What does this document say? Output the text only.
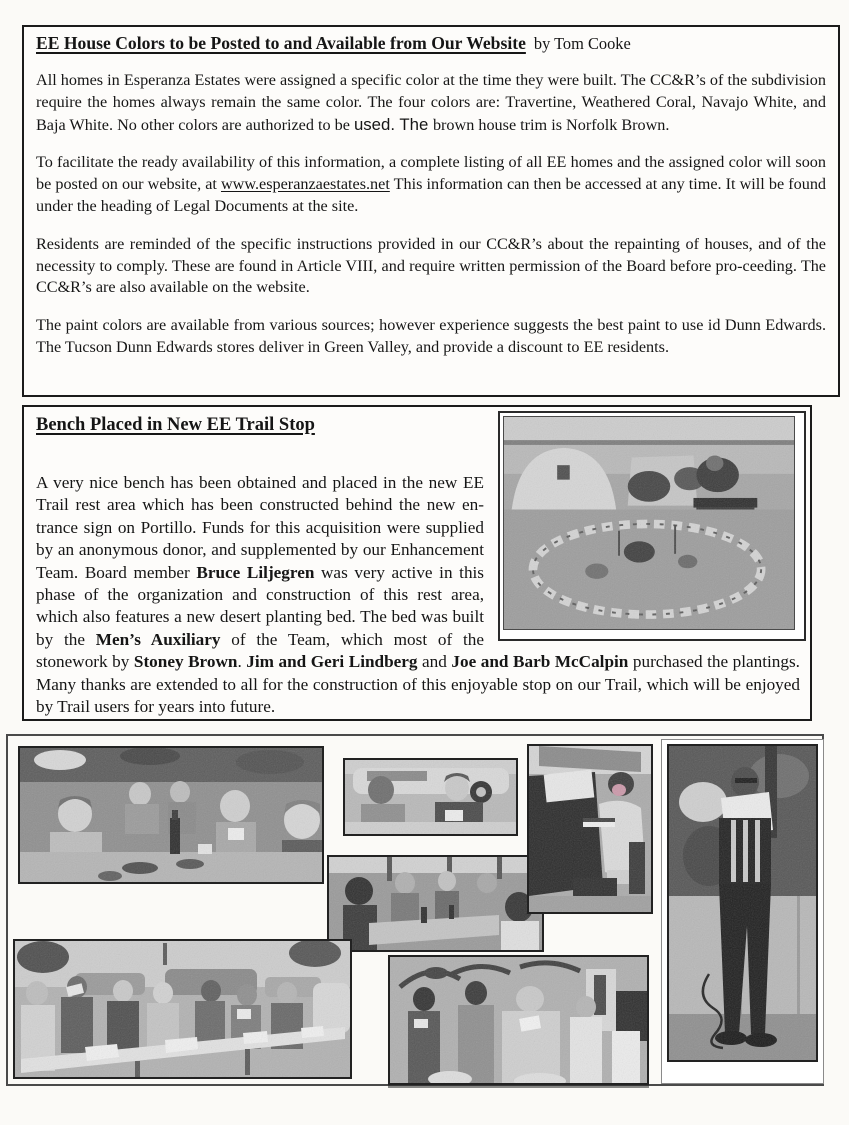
EE House Colors to be Posted to and Available from Our Website by Tom Cooke

All homes in Esperanza Estates were assigned a specific color at the time they were built. The CC&R’s of the subdivision require the homes always remain the same color. The four colors are: Travertine, Weathered Coral, Navajo White, and Baja White. No other colors are authorized to be used. The brown house trim is Norfolk Brown.

To facilitate the ready availability of this information, a complete listing of all EE homes and the assigned color will soon be posted on our website, at www.esperanzaestates.net This information can then be accessed at any time. It will be found under the heading of Legal Documents at the site.

Residents are reminded of the specific instructions provided in our CC&R’s about the repainting of houses, and of the necessity to comply. These are found in Article VIII, and require written permission of the Board before pro-ceeding. The CC&R’s are also available on the website.

The paint colors are available from various sources; however experience suggests the best paint to use id Dunn Edwards. The Tucson Dunn Edwards stores deliver in Green Valley, and provide a discount to EE residents.

Bench Placed in New EE Trail Stop
A very nice bench has been obtained and placed in the new EE Trail rest area which has been constructed behind the new en-trance sign on Portillo. Funds for this acquisition were supplied by an anonymous donor, and supplemented by our Enhancement Team. Board member Bruce Liljegren was very active in this phase of the organization and construction of this rest area, which also features a new desert planting bed. The bed was built by the Men’s Auxiliary of the Team, which most of the stonework by Stoney Brown. Jim and Geri Lindberg and Joe and Barb McCalpin purchased the plantings. Many thanks are extended to all for the construction of this enjoyable stop on our Trail, which will be enjoyed by Trail users for years into future.
